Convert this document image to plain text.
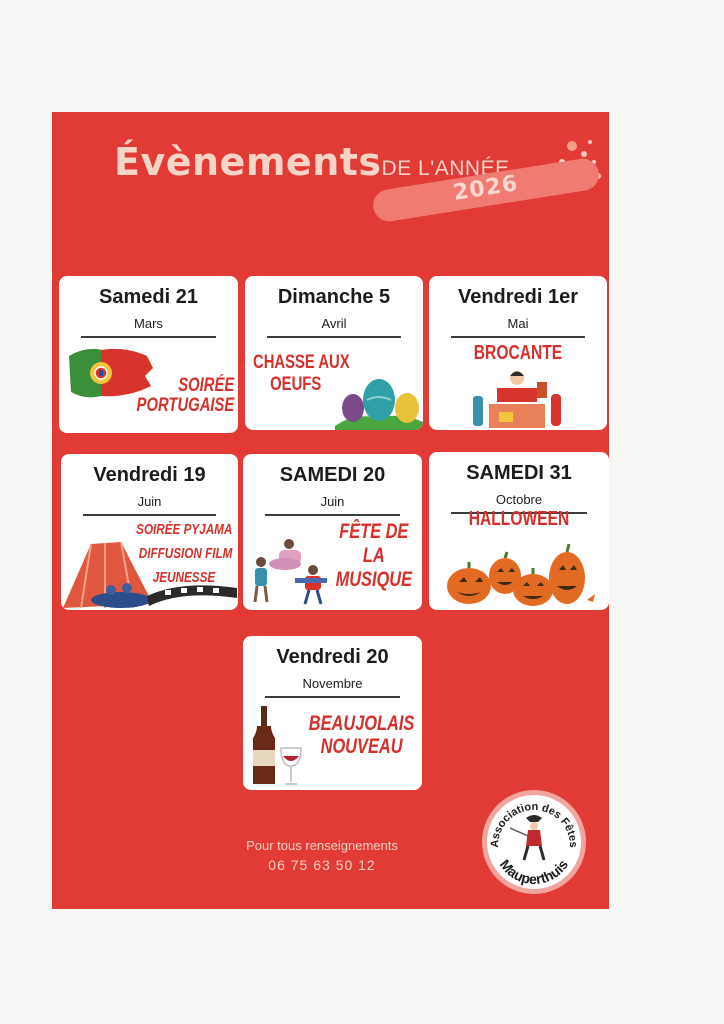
ÉvènementsDE L'ANNÉE
2026
Samedi 21
Mars
SOIRÉE
PORTUGAISE
Dimanche 5
Avril
CHASSE AUX
OEUFS
Vendredi 1er
Mai
BROCANTE
Vendredi 19
Juin
SOIRÉE PYJAMA
DIFFUSION FILM
JEUNESSE
SAMEDI 20
Juin
FÊTE DE
LA
MUSIQUE
SAMEDI 31
Octobre
HALLOWEEN
Vendredi 20
Novembre
BEAUJOLAIS
NOUVEAU
Pour tous renseignements
06 75 63 50 12
Association des Fêtes
Mauperthuis
